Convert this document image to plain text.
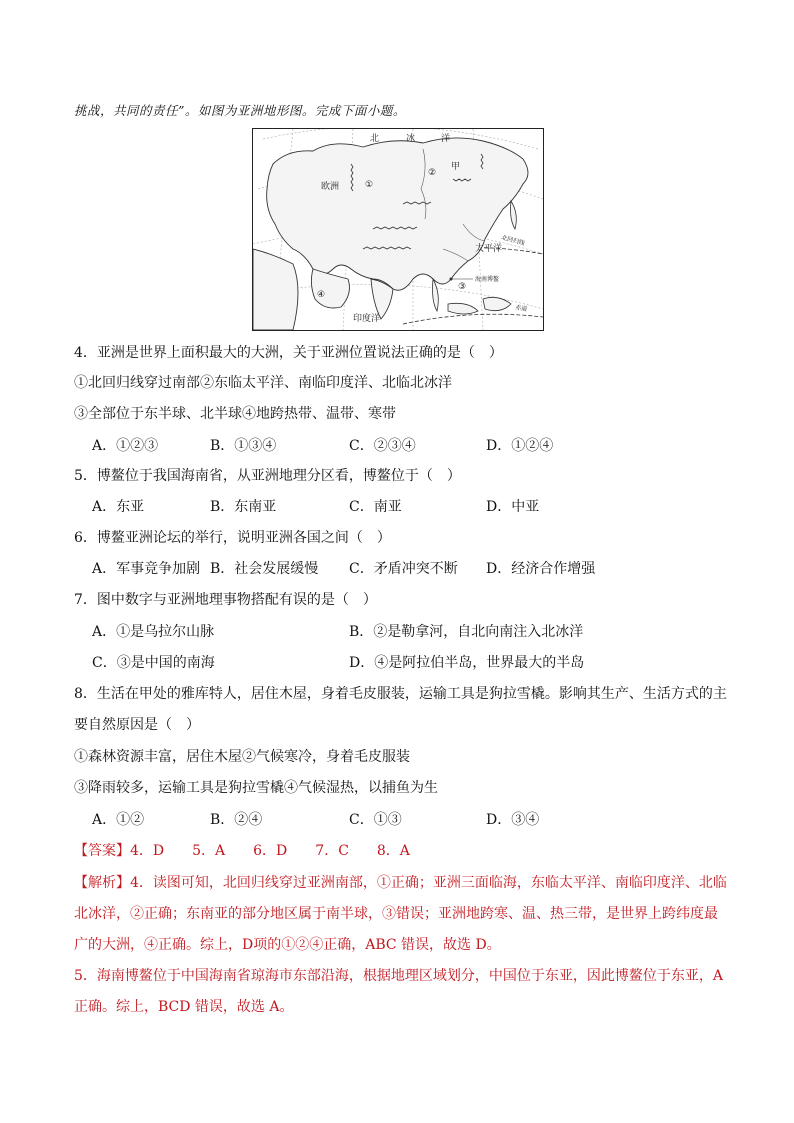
挑战，共同的责任”。如图为亚洲地形图。完成下面小题。
北	冰	洋
甲
欧洲
太平洋
印度洋
海南博鳌
北回归线
赤道
①
②
③
④
4．亚洲是世界上面积最大的大洲，关于亚洲位置说法正确的是（　）
①北回归线穿过南部②东临太平洋、南临印度洋、北临北冰洋
③全部位于东半球、北半球④地跨热带、温带、寒带
A．①②③	B．①③④	C．②③④	D．①②④
5．博鳌位于我国海南省，从亚洲地理分区看，博鳌位于（　）
A．东亚	B．东南亚	C．南亚	D．中亚
6．博鳌亚洲论坛的举行，说明亚洲各国之间（　）
A．军事竞争加剧 B．社会发展缓慢 C．矛盾冲突不断 D．经济合作增强
7．图中数字与亚洲地理事物搭配有误的是（　）
A．①是乌拉尔山脉	B．②是勒拿河，自北向南注入北冰洋
C．③是中国的南海	D．④是阿拉伯半岛，世界最大的半岛
8．生活在甲处的雅库特人，居住木屋，身着毛皮服装，运输工具是狗拉雪橇。影响其生产、生活方式的主
要自然原因是（　）
①森林资源丰富，居住木屋②气候寒冷，身着毛皮服装
③降雨较多，运输工具是狗拉雪橇④气候湿热，以捕鱼为生
A．①②	B．②④	C．①③	D．③④
【答案】4．D　　5．A　　6．D　　7．C　　8．A
【解析】4．读图可知，北回归线穿过亚洲南部，①正确；亚洲三面临海，东临太平洋、南临印度洋、北临
北冰洋，②正确；东南亚的部分地区属于南半球，③错误；亚洲地跨寒、温、热三带，是世界上跨纬度最
广的大洲，④正确。综上，D项的①②④正确，ABC 错误，故选 D。
5．海南博鳌位于中国海南省琼海市东部沿海，根据地理区域划分，中国位于东亚，因此博鳌位于东亚，A
正确。综上，BCD 错误，故选 A。
